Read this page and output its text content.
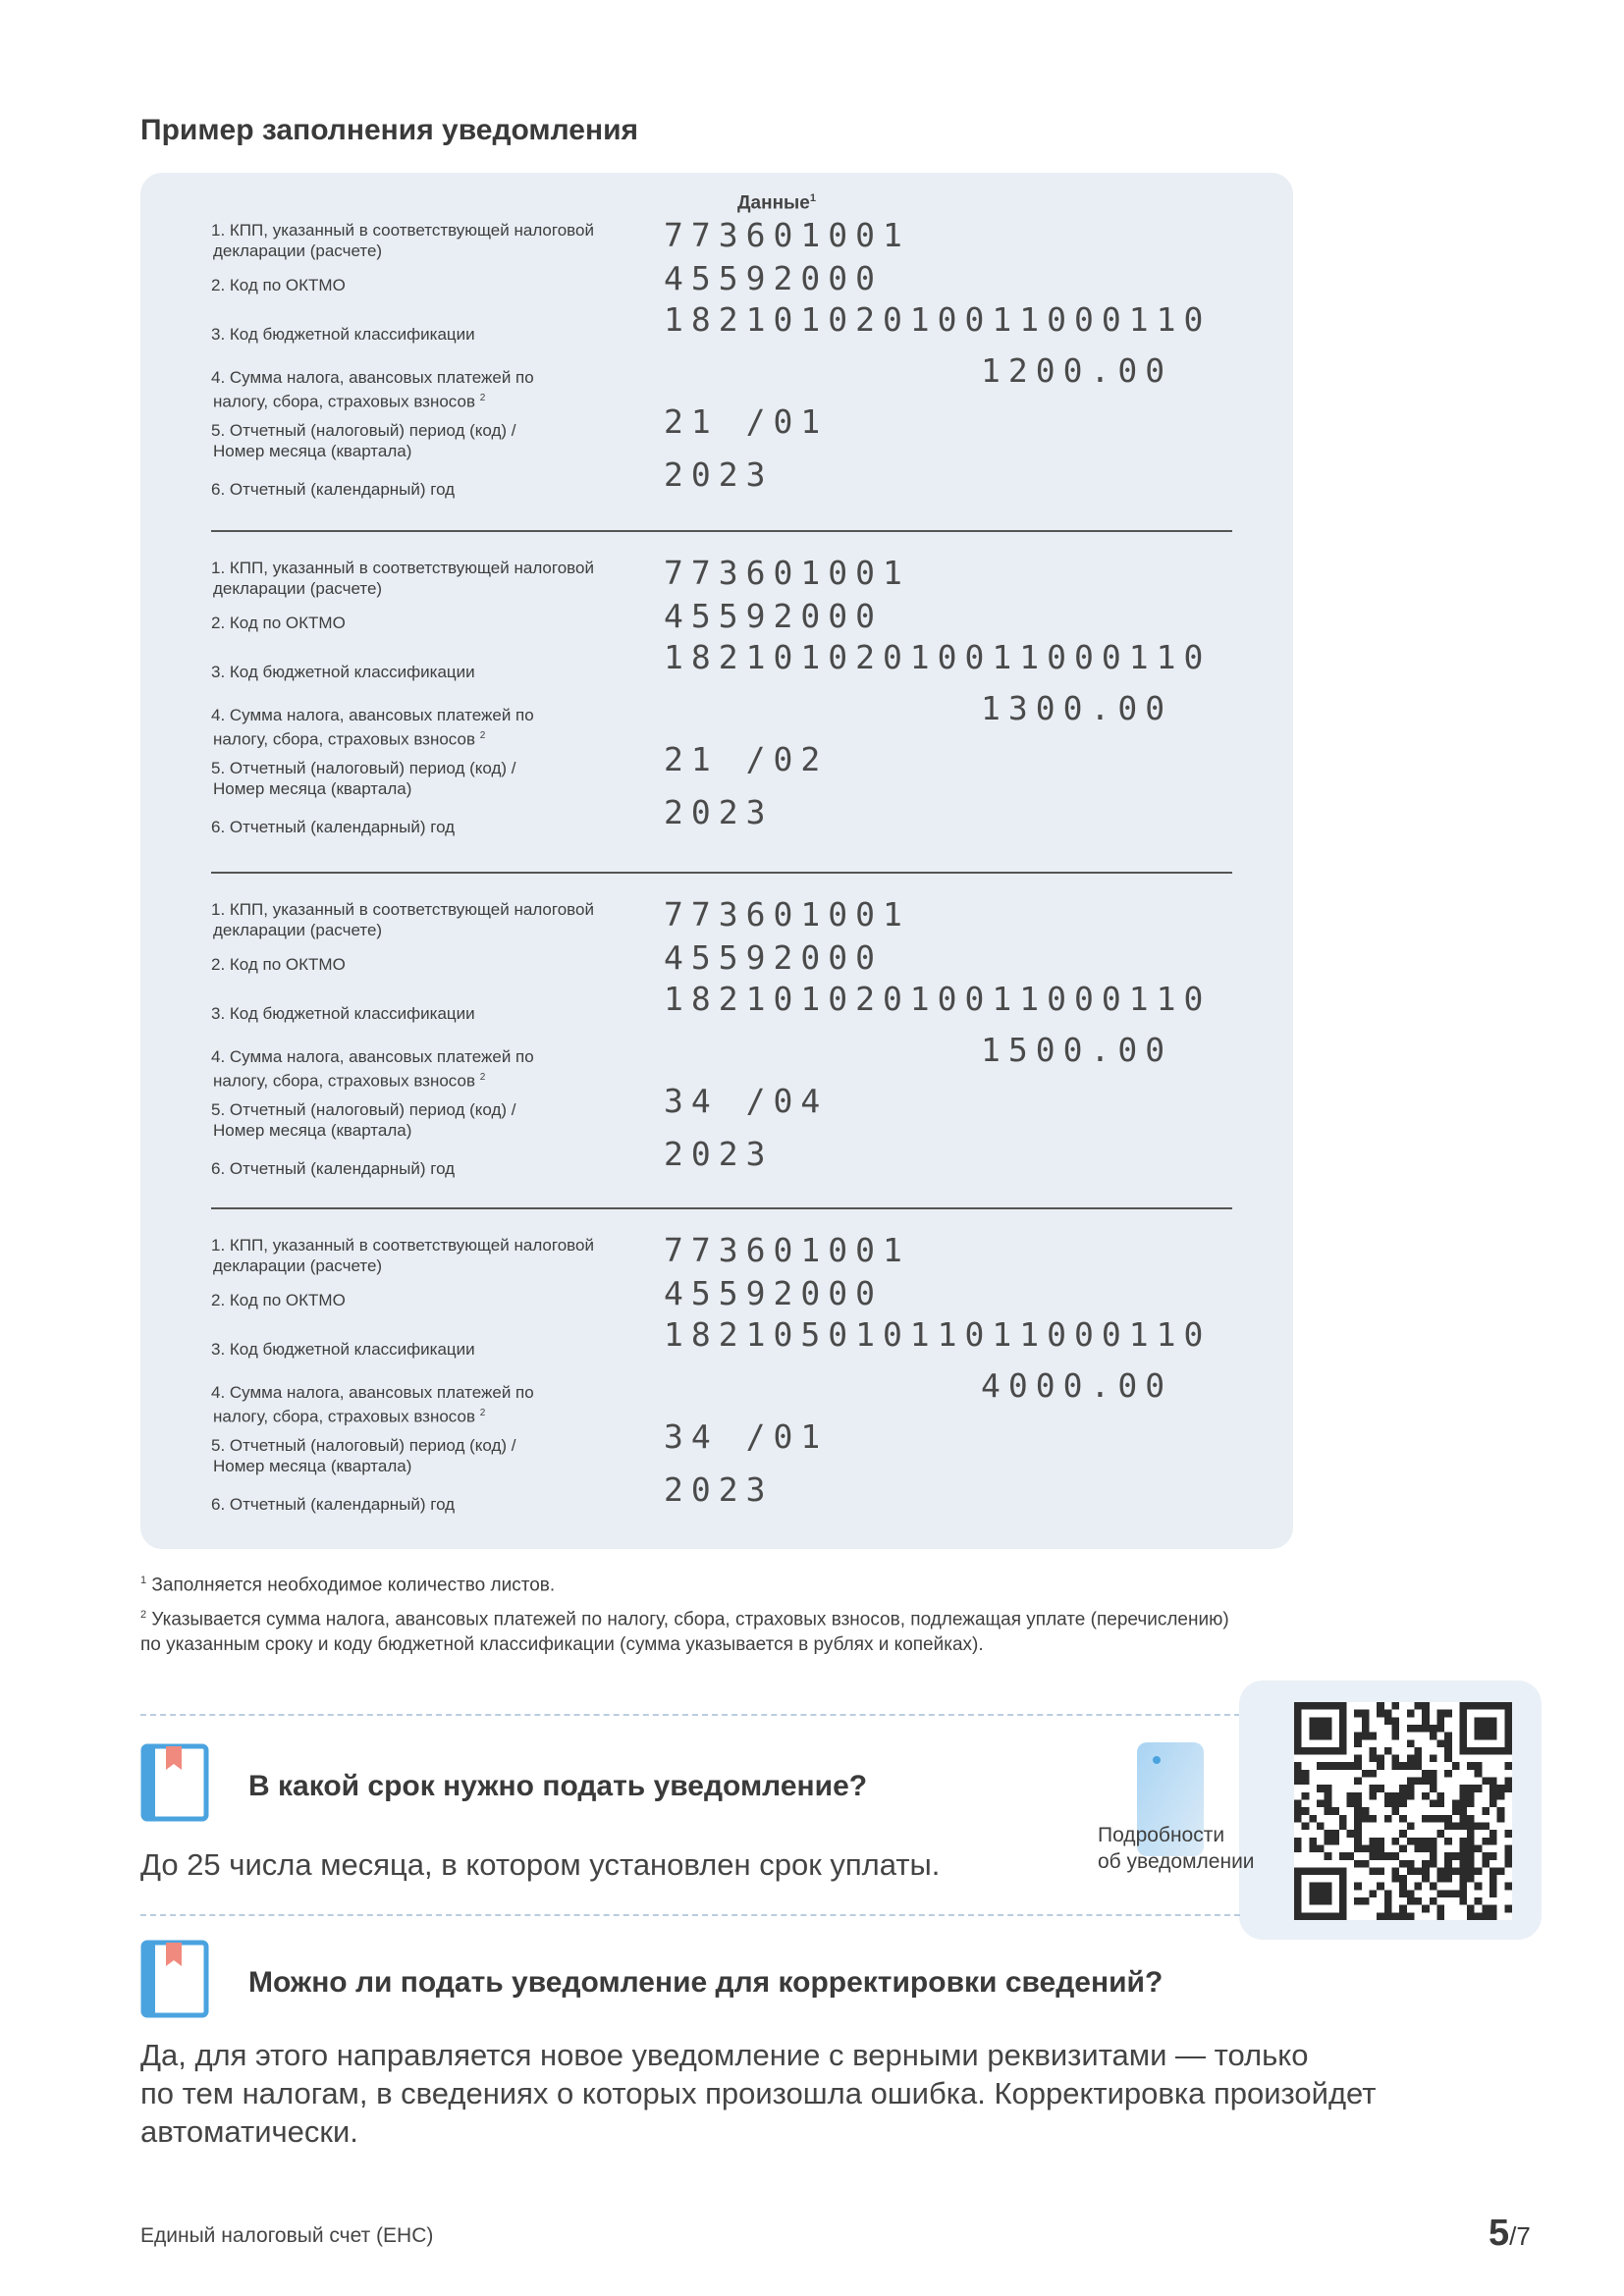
Пример заполнения уведомления
Данные$^1$
1. КПП, указанный в соответствующей налоговой
декларации (расчете)	773601001
2. Код по ОКТМО	45592000
3. Код бюджетной классификации	18210102010011000110
4. Сумма налога, авансовых платежей по
налогу, сбора, страховых взносов $^2$
1200.00
5. Отчетный (налоговый) период (код) /
Номер месяца (квартала)
21 /01
6. Отчетный (календарный) год	2023
1. КПП, указанный в соответствующей налоговой
декларации (расчете)	773601001
2. Код по ОКТМО	45592000
3. Код бюджетной классификации	18210102010011000110
4. Сумма налога, авансовых платежей по
налогу, сбора, страховых взносов $^2$
1300.00
5. Отчетный (налоговый) период (код) /
Номер месяца (квартала)
21 /02
6. Отчетный (календарный) год	2023
1. КПП, указанный в соответствующей налоговой
декларации (расчете)	773601001
2. Код по ОКТМО	45592000
3. Код бюджетной классификации	18210102010011000110
4. Сумма налога, авансовых платежей по
налогу, сбора, страховых взносов $^2$
1500.00
5. Отчетный (налоговый) период (код) /
Номер месяца (квартала)
34 /04
6. Отчетный (календарный) год	2023
1. КПП, указанный в соответствующей налоговой
декларации (расчете)	773601001
2. Код по ОКТМО	45592000
3. Код бюджетной классификации	18210501011011000110
4. Сумма налога, авансовых платежей по
налогу, сбора, страховых взносов $^2$
4000.00
5. Отчетный (налоговый) период (код) /
Номер месяца (квартала)
34 /01
6. Отчетный (календарный) год	2023
$^1$ Заполняется необходимое количество листов.
$^2$ Указывается сумма налога, авансовых платежей по налогу, сбора, страховых взносов, подлежащая уплате (перечислению)
по указанным сроку и коду бюджетной классификации (сумма указывается в рублях и копейках).
В какой срок нужно подать уведомление?
До 25 числа месяца, в котором установлен срок уплаты.
Подробности
об уведомлении
Можно ли подать уведомление для корректировки сведений?
Да, для этого направляется новое уведомление с верными реквизитами — только
по тем налогам, в сведениях о которых произошла ошибка. Корректировка произойдет
автоматически.
Единый налоговый счет (ЕНС)	5/7
